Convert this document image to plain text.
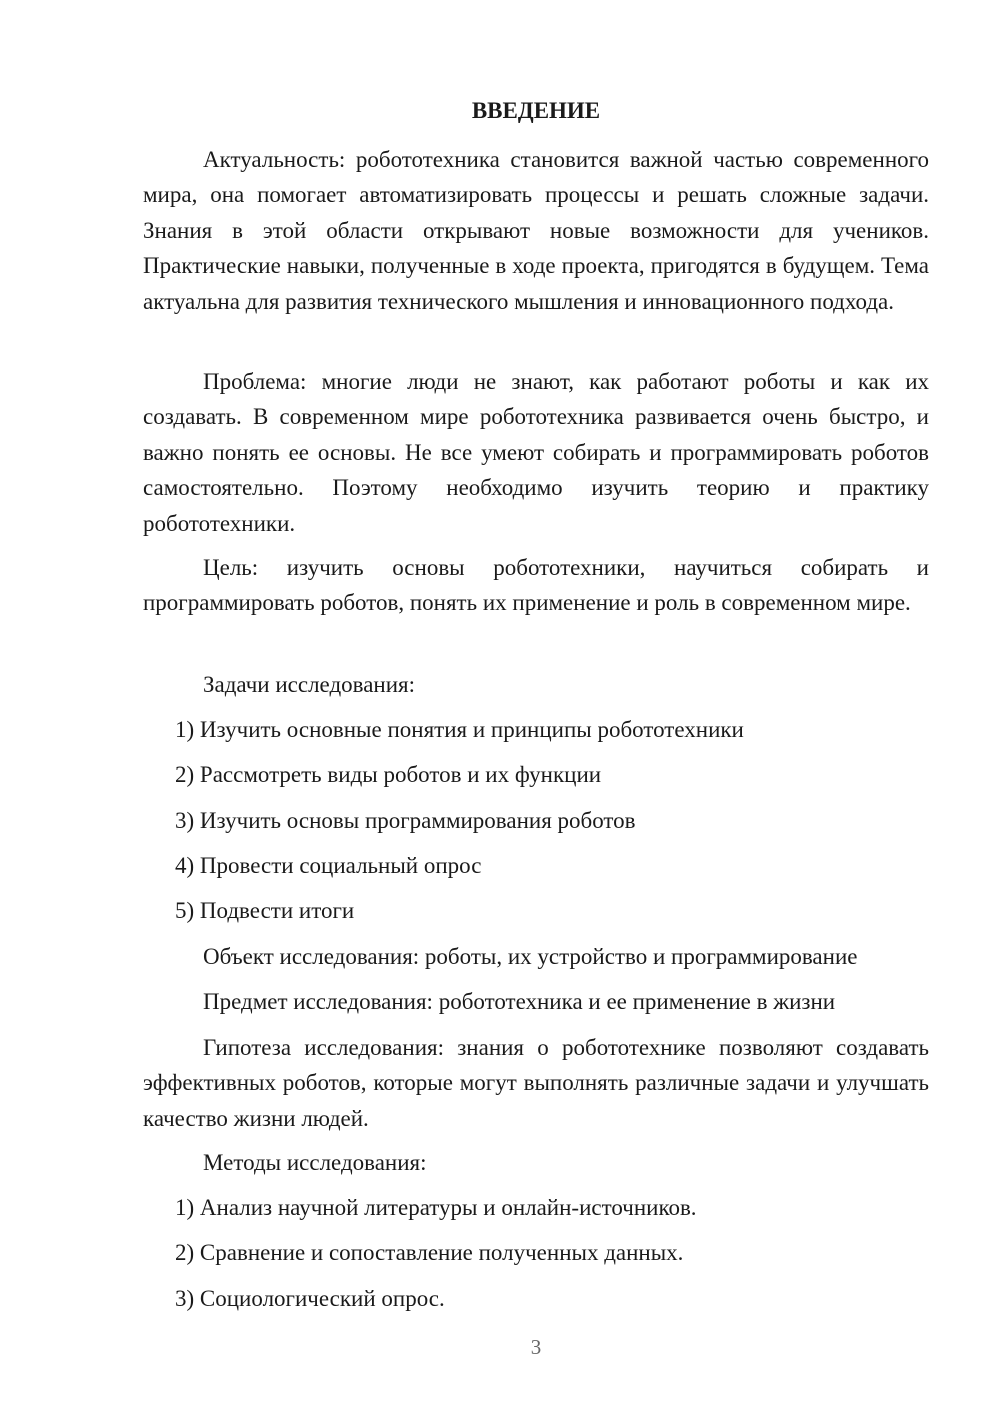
ВВЕДЕНИЕ

Актуальность: робототехника становится важной частью современного мира, она помогает автоматизировать процессы и решать сложные задачи. Знания в этой области открывают новые возможности для учеников. Практические навыки, полученные в ходе проекта, пригодятся в будущем. Тема актуальна для развития технического мышления и инновационного подхода.

Проблема: многие люди не знают, как работают роботы и как их создавать. В современном мире робототехника развивается очень быстро, и важно понять ее основы. Не все умеют собирать и программировать роботов самостоятельно. Поэтому необходимо изучить теорию и практику робототехники.

Цель: изучить основы робототехники, научиться собирать и программировать роботов, понять их применение и роль в современном мире.

Задачи исследования:

1) Изучить основные понятия и принципы робототехники

2) Рассмотреть виды роботов и их функции

3) Изучить основы программирования роботов

4) Провести социальный опрос

5) Подвести итоги

Объект исследования: роботы, их устройство и программирование

Предмет исследования: робототехника и ее применение в жизни

Гипотеза исследования: знания о робототехнике позволяют создавать эффективных роботов, которые могут выполнять различные задачи и улучшать качество жизни людей.

Методы исследования:

1) Анализ научной литературы и онлайн-источников.

2) Сравнение и сопоставление полученных данных.

3) Социологический опрос.

3
